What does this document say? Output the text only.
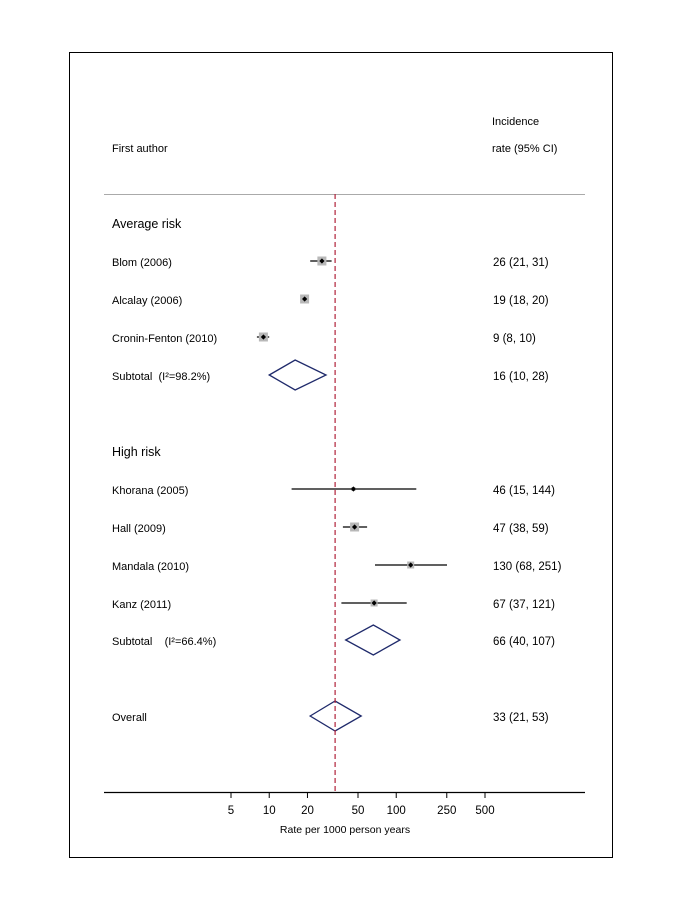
First author
Incidence
rate (95% CI)
Average risk
Blom (2006)	26 (21, 31)
Alcalay (2006)	19 (18, 20)
Cronin-Fenton (2010)	9 (8, 10)
Subtotal  (I²=98.2%)	16 (10, 28)
High risk
Khorana (2005)	46 (15, 144)
Hall (2009)	47 (38, 59)
Mandala (2010)	130 (68, 251)
Kanz (2011)	67 (37, 121)
Subtotal    (I²=66.4%)	66 (40, 107)
Overall	33 (21, 53)
5 10 20	50 100	250 500
Rate per 1000 person years
